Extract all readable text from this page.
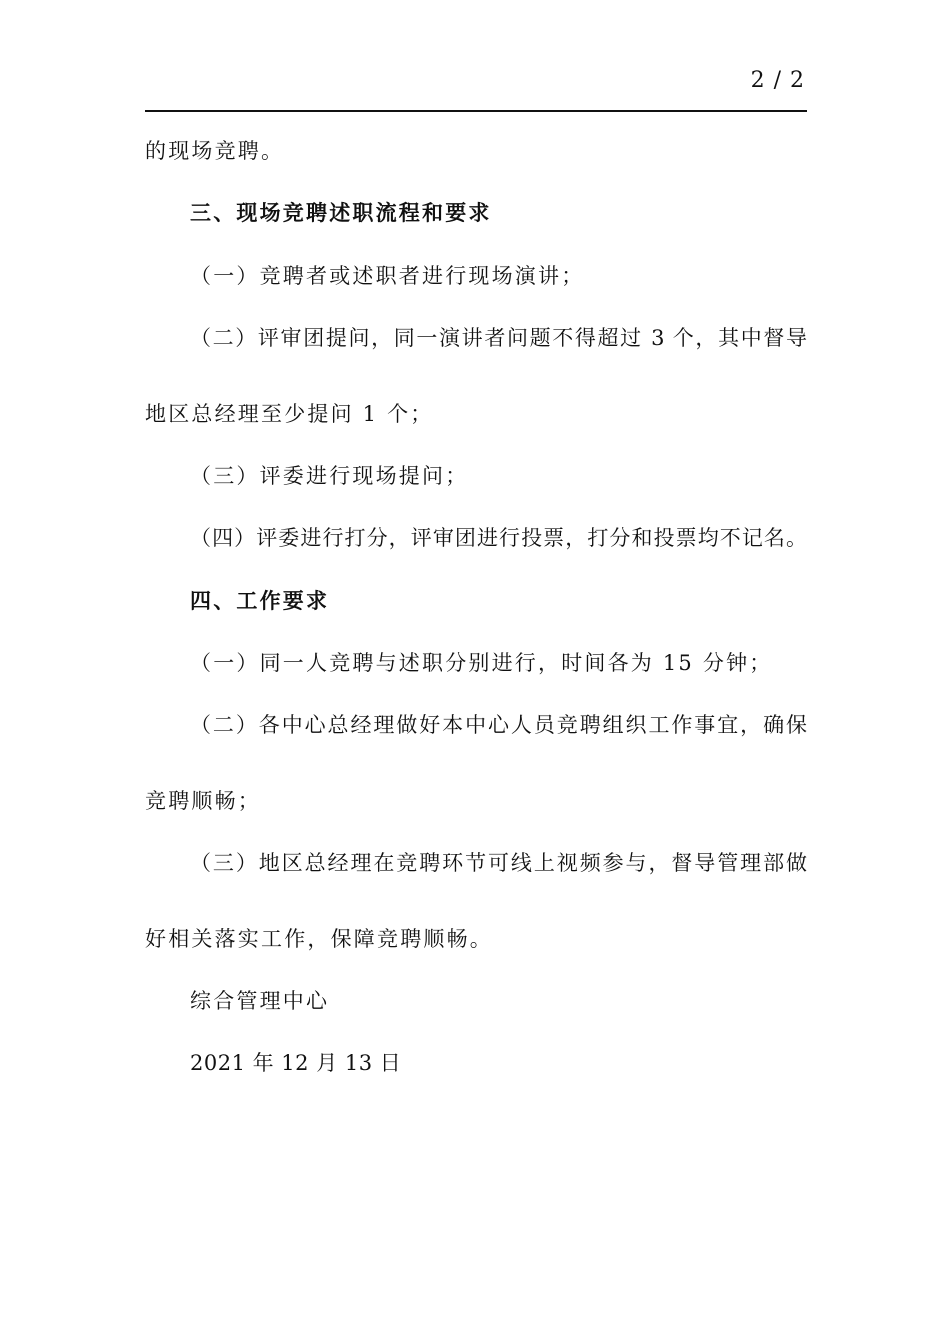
2 / 2
的现场竞聘。
三、现场竞聘述职流程和要求
（一）竞聘者或述职者进行现场演讲；
（二）评审团提问，同一演讲者问题不得超过 3 个，其中督导
地区总经理至少提问 1 个；
（三）评委进行现场提问；
（四）评委进行打分，评审团进行投票，打分和投票均不记名。
四、工作要求
（一）同一人竞聘与述职分别进行，时间各为 15 分钟；
（二）各中心总经理做好本中心人员竞聘组织工作事宜，确保
竞聘顺畅；
（三）地区总经理在竞聘环节可线上视频参与，督导管理部做
好相关落实工作，保障竞聘顺畅。
综合管理中心
2021 年 12 月 13 日
